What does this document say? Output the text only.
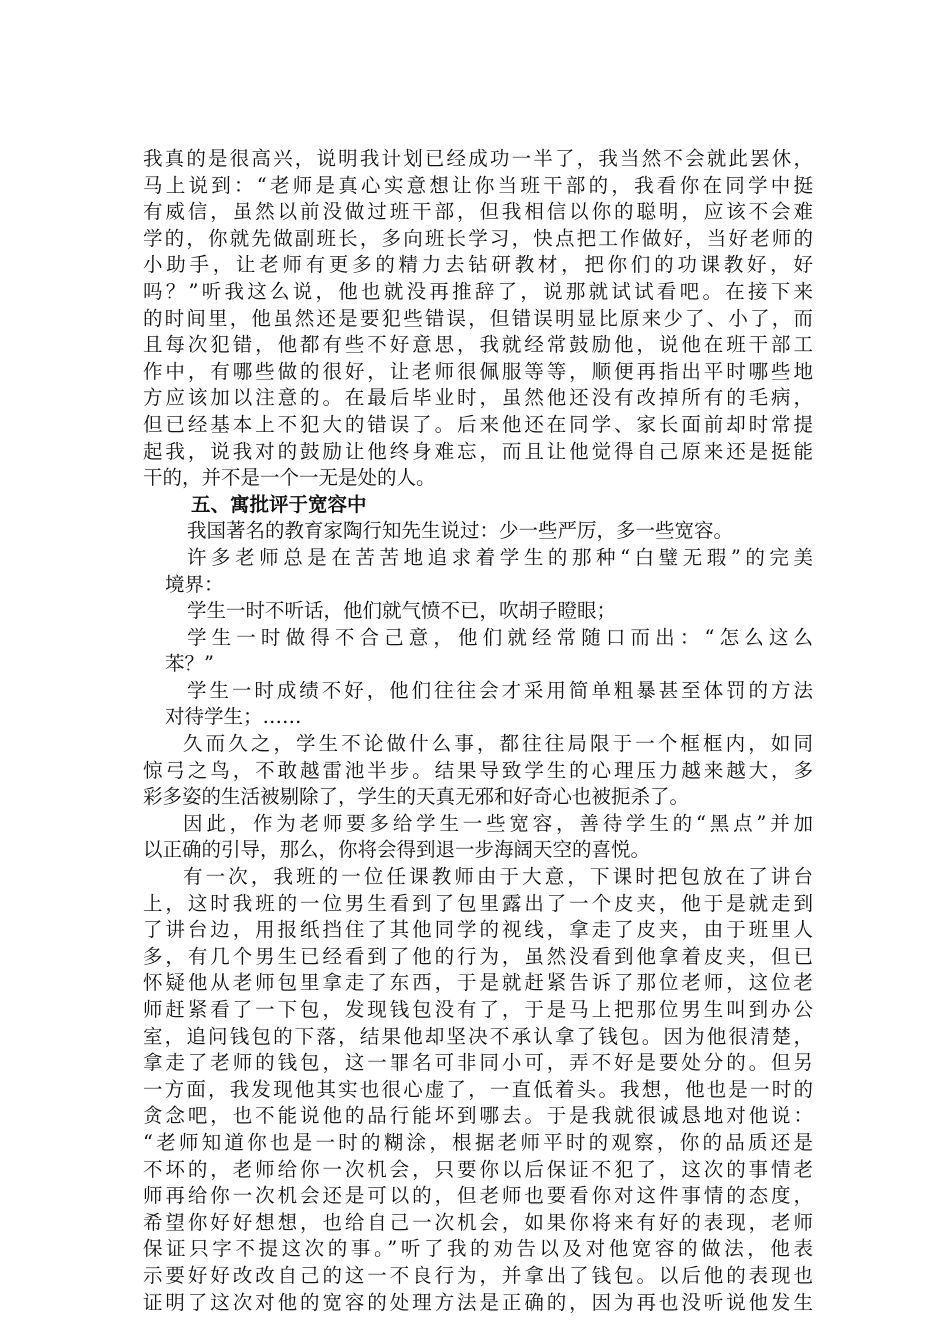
我真的是很高兴，说明我计划已经成功一半了，我当然不会就此罢休，
马上说到：“老师是真心实意想让你当班干部的，我看你在同学中挺
有威信，虽然以前没做过班干部，但我相信以你的聪明，应该不会难
学的，你就先做副班长，多向班长学习，快点把工作做好，当好老师的
小助手，让老师有更多的精力去钻研教材，把你们的功课教好，好
吗？”听我这么说，他也就没再推辞了，说那就试试看吧。在接下来
的时间里，他虽然还是要犯些错误，但错误明显比原来少了、小了，而
且每次犯错，他都有些不好意思，我就经常鼓励他，说他在班干部工
作中，有哪些做的很好，让老师很佩服等等，顺便再指出平时哪些地
方应该加以注意的。在最后毕业时，虽然他还没有改掉所有的毛病，
但已经基本上不犯大的错误了。后来他还在同学、家长面前却时常提
起我，说我对的鼓励让他终身难忘，而且让他觉得自己原来还是挺能
干的，并不是一个一无是处的人。
五、寓批评于宽容中
我国著名的教育家陶行知先生说过：少一些严厉，多一些宽容。
许多老师总是在苦苦地追求着学生的那种“白璧无瑕”的完美
境界：
学生一时不听话，他们就气愤不已，吹胡子瞪眼；
学生一时做得不合己意，他们就经常随口而出：“怎么这么
苯？”
学生一时成绩不好，他们往往会才采用简单粗暴甚至体罚的方法
对待学生；……
久而久之，学生不论做什么事，都往往局限于一个框框内，如同
惊弓之鸟，不敢越雷池半步。结果导致学生的心理压力越来越大，多
彩多姿的生活被剔除了，学生的天真无邪和好奇心也被扼杀了。
因此，作为老师要多给学生一些宽容，善待学生的“黑点”并加
以正确的引导，那么，你将会得到退一步海阔天空的喜悦。
有一次，我班的一位任课教师由于大意，下课时把包放在了讲台
上，这时我班的一位男生看到了包里露出了一个皮夹，他于是就走到
了讲台边，用报纸挡住了其他同学的视线，拿走了皮夹，由于班里人
多，有几个男生已经看到了他的行为，虽然没看到他拿着皮夹，但已
怀疑他从老师包里拿走了东西，于是就赶紧告诉了那位老师，这位老
师赶紧看了一下包，发现钱包没有了，于是马上把那位男生叫到办公
室，追问钱包的下落，结果他却坚决不承认拿了钱包。因为他很清楚，
拿走了老师的钱包，这一罪名可非同小可，弄不好是要处分的。但另
一方面，我发现他其实也很心虚了，一直低着头。我想，他也是一时的
贪念吧，也不能说他的品行能坏到哪去。于是我就很诚恳地对他说：
“老师知道你也是一时的糊涂，根据老师平时的观察，你的品质还是
不坏的，老师给你一次机会，只要你以后保证不犯了，这次的事情老
师再给你一次机会还是可以的，但老师也要看你对这件事情的态度，
希望你好好想想，也给自己一次机会，如果你将来有好的表现，老师
保证只字不提这次的事。”听了我的劝告以及对他宽容的做法，他表
示要好好改改自己的这一不良行为，并拿出了钱包。以后他的表现也
证明了这次对他的宽容的处理方法是正确的，因为再也没听说他发生
